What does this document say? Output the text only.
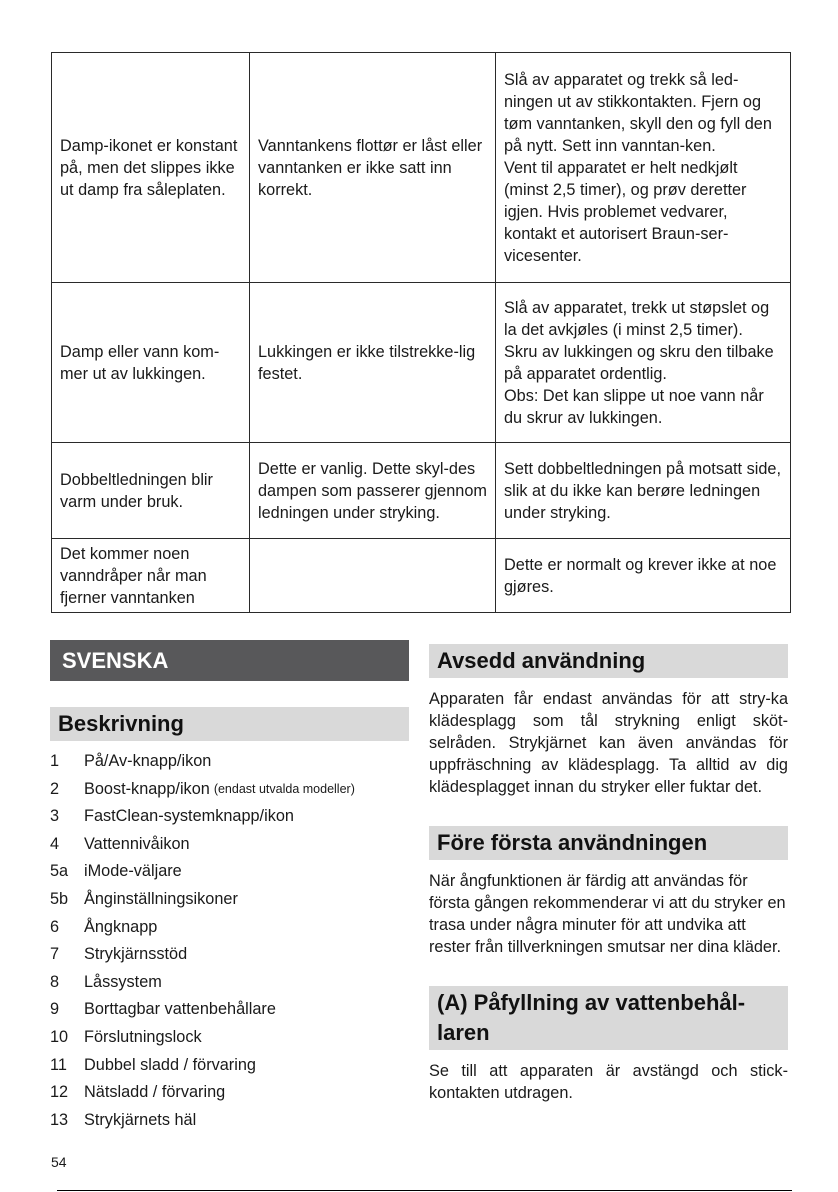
Damp-ikonet er konstant på, men det slippes ikke ut damp fra såleplaten.	Vanntankens flottør er låst eller vanntanken er ikke satt inn korrekt.	Slå av apparatet og trekk så led-ningen ut av stikkontakten. Fjern og tøm vanntanken, skyll den og fyll den på nytt. Sett inn vanntan-ken.
Vent til apparatet er helt nedkjølt (minst 2,5 timer), og prøv deretter igjen. Hvis problemet vedvarer, kontakt et autorisert Braun-ser-vicesenter.

Damp eller vann kom-mer ut av lukkingen.	Lukkingen er ikke tilstrekke-lig festet.	Slå av apparatet, trekk ut støpslet og la det avkjøles (i minst 2,5 timer).
Skru av lukkingen og skru den tilbake på apparatet ordentlig.
Obs: Det kan slippe ut noe vann når du skrur av lukkingen.

Dobbeltledningen blir varm under bruk.	Dette er vanlig. Dette skyl-des dampen som passerer gjennom ledningen under stryking.	Sett dobbeltledningen på motsatt side, slik at du ikke kan berøre ledningen under stryking.

Det kommer noen vanndråper når man fjerner vanntanken		Dette er normalt og krever ikke at noe gjøres.
SVENSKA
Beskrivning
1	På/Av-knapp/ikon
2	Boost-knapp/ikon (endast utvalda modeller)
3	FastClean-systemknapp/ikon
4	Vattennivåikon
5a iMode-väljare
5b Ånginställningsikoner
6	Ångknapp
7	Strykjärnsstöd
8	Låssystem
9	Borttagbar vattenbehållare
10 Förslutningslock
11	Dubbel sladd / förvaring
12 Nätsladd / förvaring
13 Strykjärnets häl
Avsedd användning

Apparaten får endast användas för att stry-ka klädesplagg som tål strykning enligt sköt-selråden. Strykjärnet kan även användas för uppfräschning av klädesplagg. Ta alltid av dig klädesplagget innan du stryker eller fuktar det.

Före första användningen

När ångfunktionen är färdig att användas för första gången rekommenderar vi att du stryker en trasa under några minuter för att undvika att rester från tillverkningen smutsar ner dina kläder.

(A) Påfyllning av vattenbehål-laren

Se till att apparaten är avstängd och stick-kontakten utdragen.

54
